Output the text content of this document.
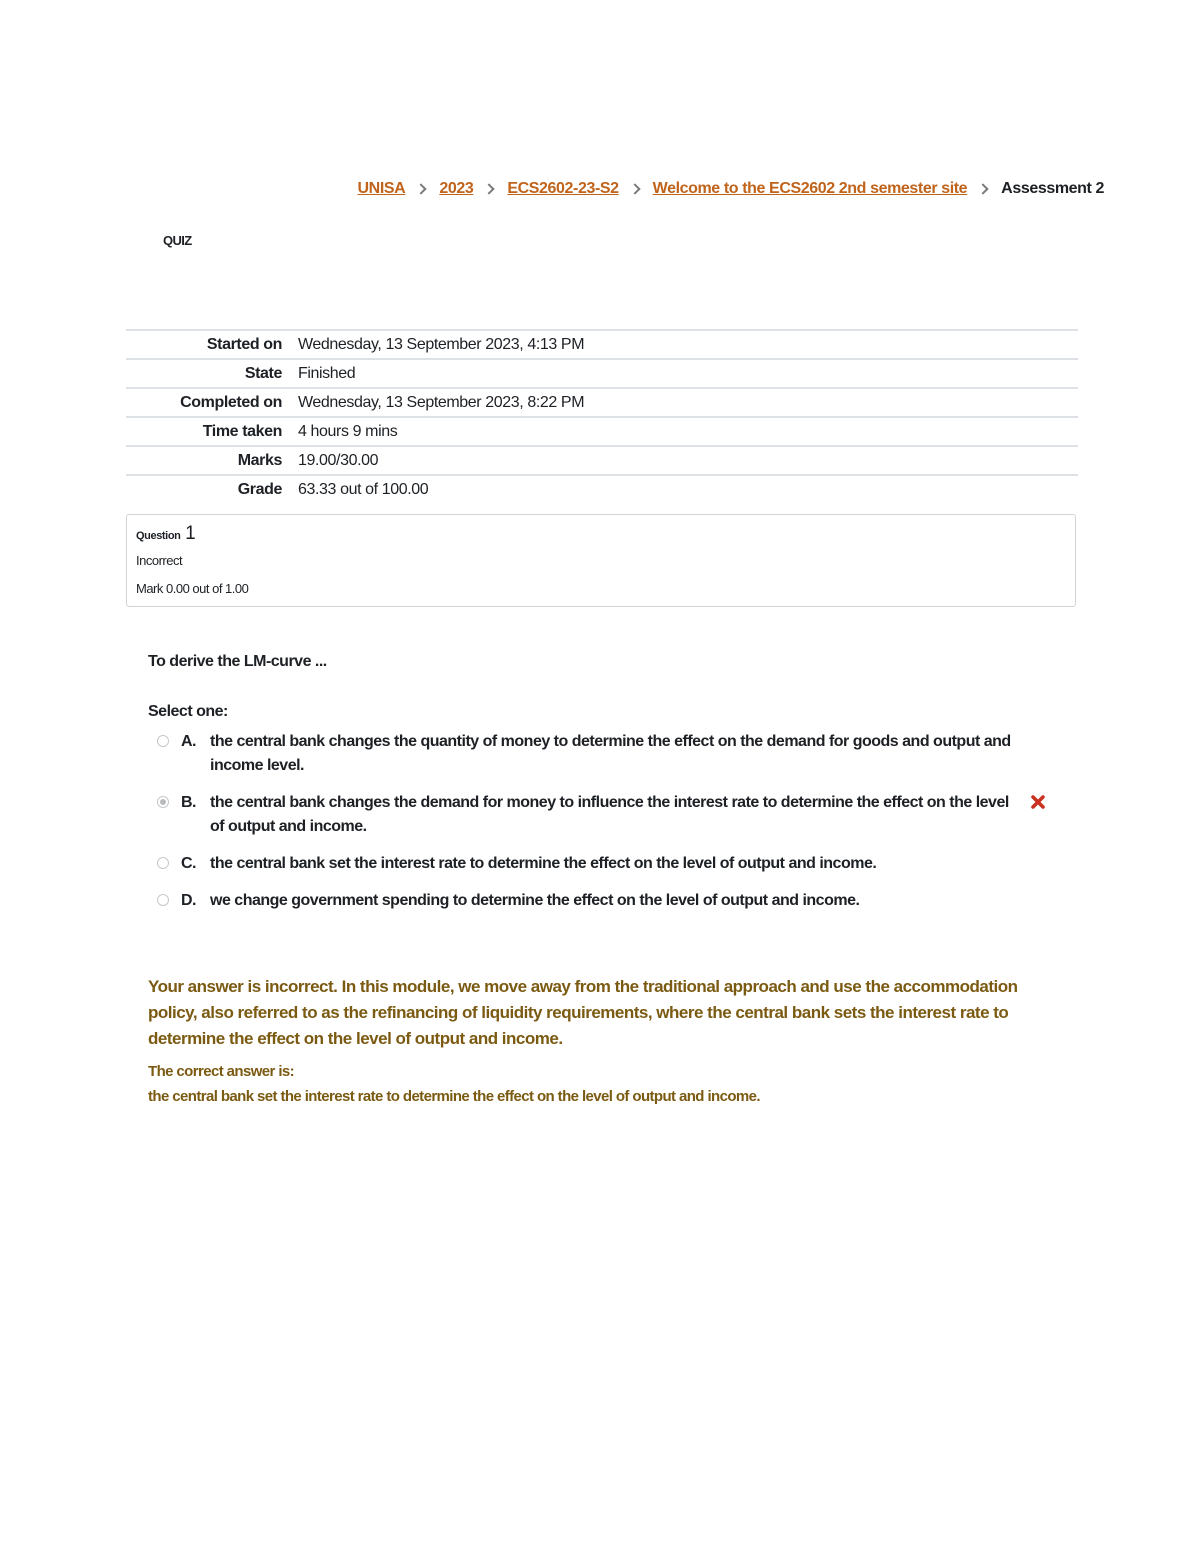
UNISA 2023 ECS2602-23-S2 Welcome to the ECS2602 2nd semester site Assessment 2
QUIZ
Started on	Wednesday, 13 September 2023, 4:13 PM
State	Finished
Completed on	Wednesday, 13 September 2023, 8:22 PM
Time taken	4 hours 9 mins
Marks	19.00/30.00
Grade	63.33 out of 100.00
Question 1
Incorrect
Mark 0.00 out of 1.00
To derive the LM-curve ...
Select one:
A. the central bank changes the quantity of money to determine the effect on the demand for goods and output and income level.
B. the central bank changes the demand for money to influence the interest rate to determine the effect on the level of output and income.
C. the central bank set the interest rate to determine the effect on the level of output and income.
D. we change government spending to determine the effect on the level of output and income.
Your answer is incorrect. In this module, we move away from the traditional approach and use the accommodation policy, also referred to as the refinancing of liquidity requirements, where the central bank sets the interest rate to determine the effect on the level of output and income.
The correct answer is:
the central bank set the interest rate to determine the effect on the level of output and income.
